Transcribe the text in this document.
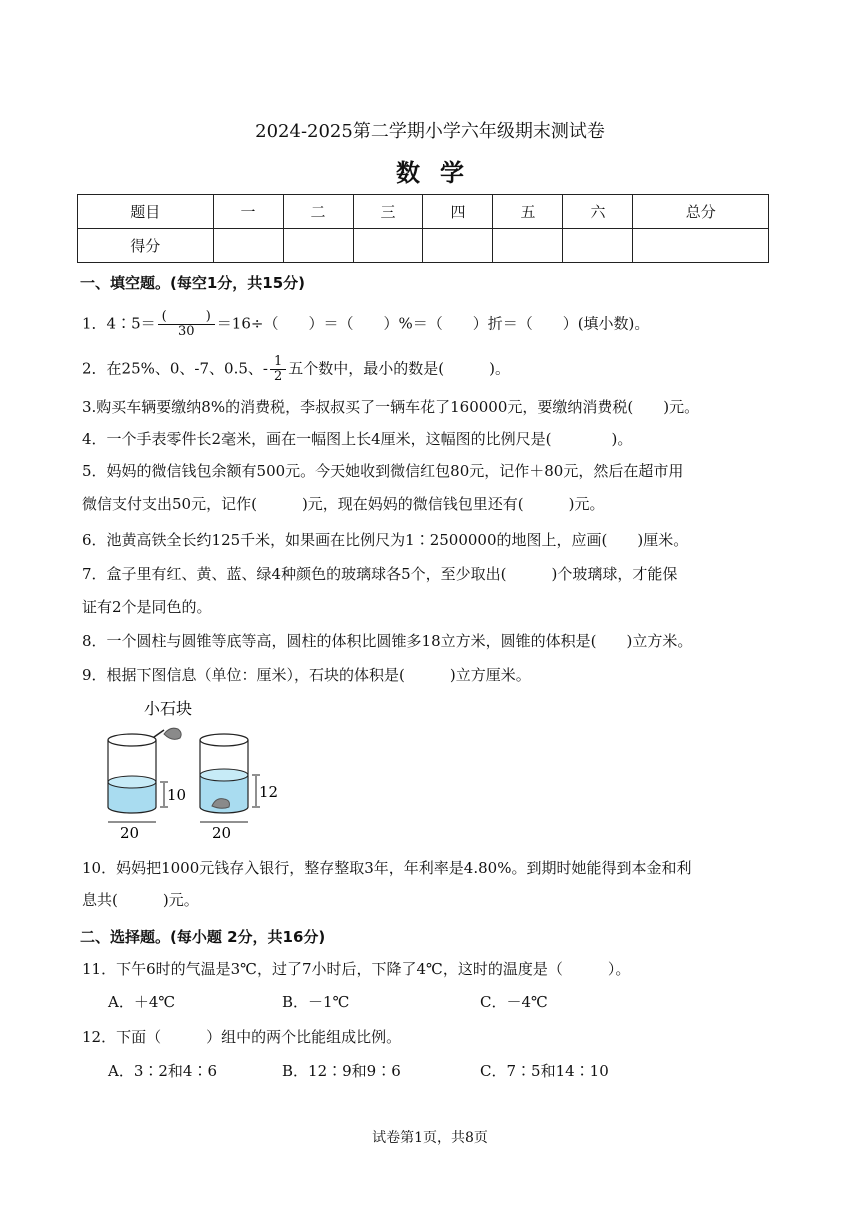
2024-2025第二学期小学六年级期末测试卷
数学
题目	一	二	三	四	五	六	总分
得分							
一、填空题。(每空1分，共15分)
1．4∶5＝ $\frac{( )}{30} =16\div$（　　）＝（　　）%＝（　　）折＝（　　）(填小数)。
2．在25%、0、-7、0.5、- $\frac{1}{2}$ 五个数中，最小的数是(　　　)。
3.购买车辆要缴纳8%的消费税，李叔叔买了一辆车花了160000元，要缴纳消费税(　　)元。
4．一个手表零件长2毫米，画在一幅图上长4厘米，这幅图的比例尺是(　　　　)。
5．妈妈的微信钱包余额有500元。今天她收到微信红包80元，记作＋80元，然后在超市用
微信支付支出50元，记作(　　　)元，现在妈妈的微信钱包里还有(　　　)元。
6．池黄高铁全长约125千米，如果画在比例尺为1∶2500000的地图上，应画(　　)厘米。
7．盒子里有红、黄、蓝、绿4种颜色的玻璃球各5个，至少取出(　　　)个玻璃球，才能保
证有2个是同色的。
8．一个圆柱与圆锥等底等高，圆柱的体积比圆锥多18立方米，圆锥的体积是(　　)立方米。
9．根据下图信息（单位：厘米），石块的体积是(　　　)立方厘米。
小石块
10
20
12
20
10．妈妈把1000元钱存入银行，整存整取3年，年利率是4.80%。到期时她能得到本金和利
息共(　　　)元。
二、选择题。(每小题 2分，共16分)
11．下午6时的气温是3℃，过了7小时后，下降了4℃，这时的温度是（　　　）。
A．＋4℃	B．－1℃	C．－4℃
12．下面（　　　）组中的两个比能组成比例。
A．3∶2和4∶6	B．12∶9和9∶6	C．7∶5和14∶10
试卷第1页，共8页
